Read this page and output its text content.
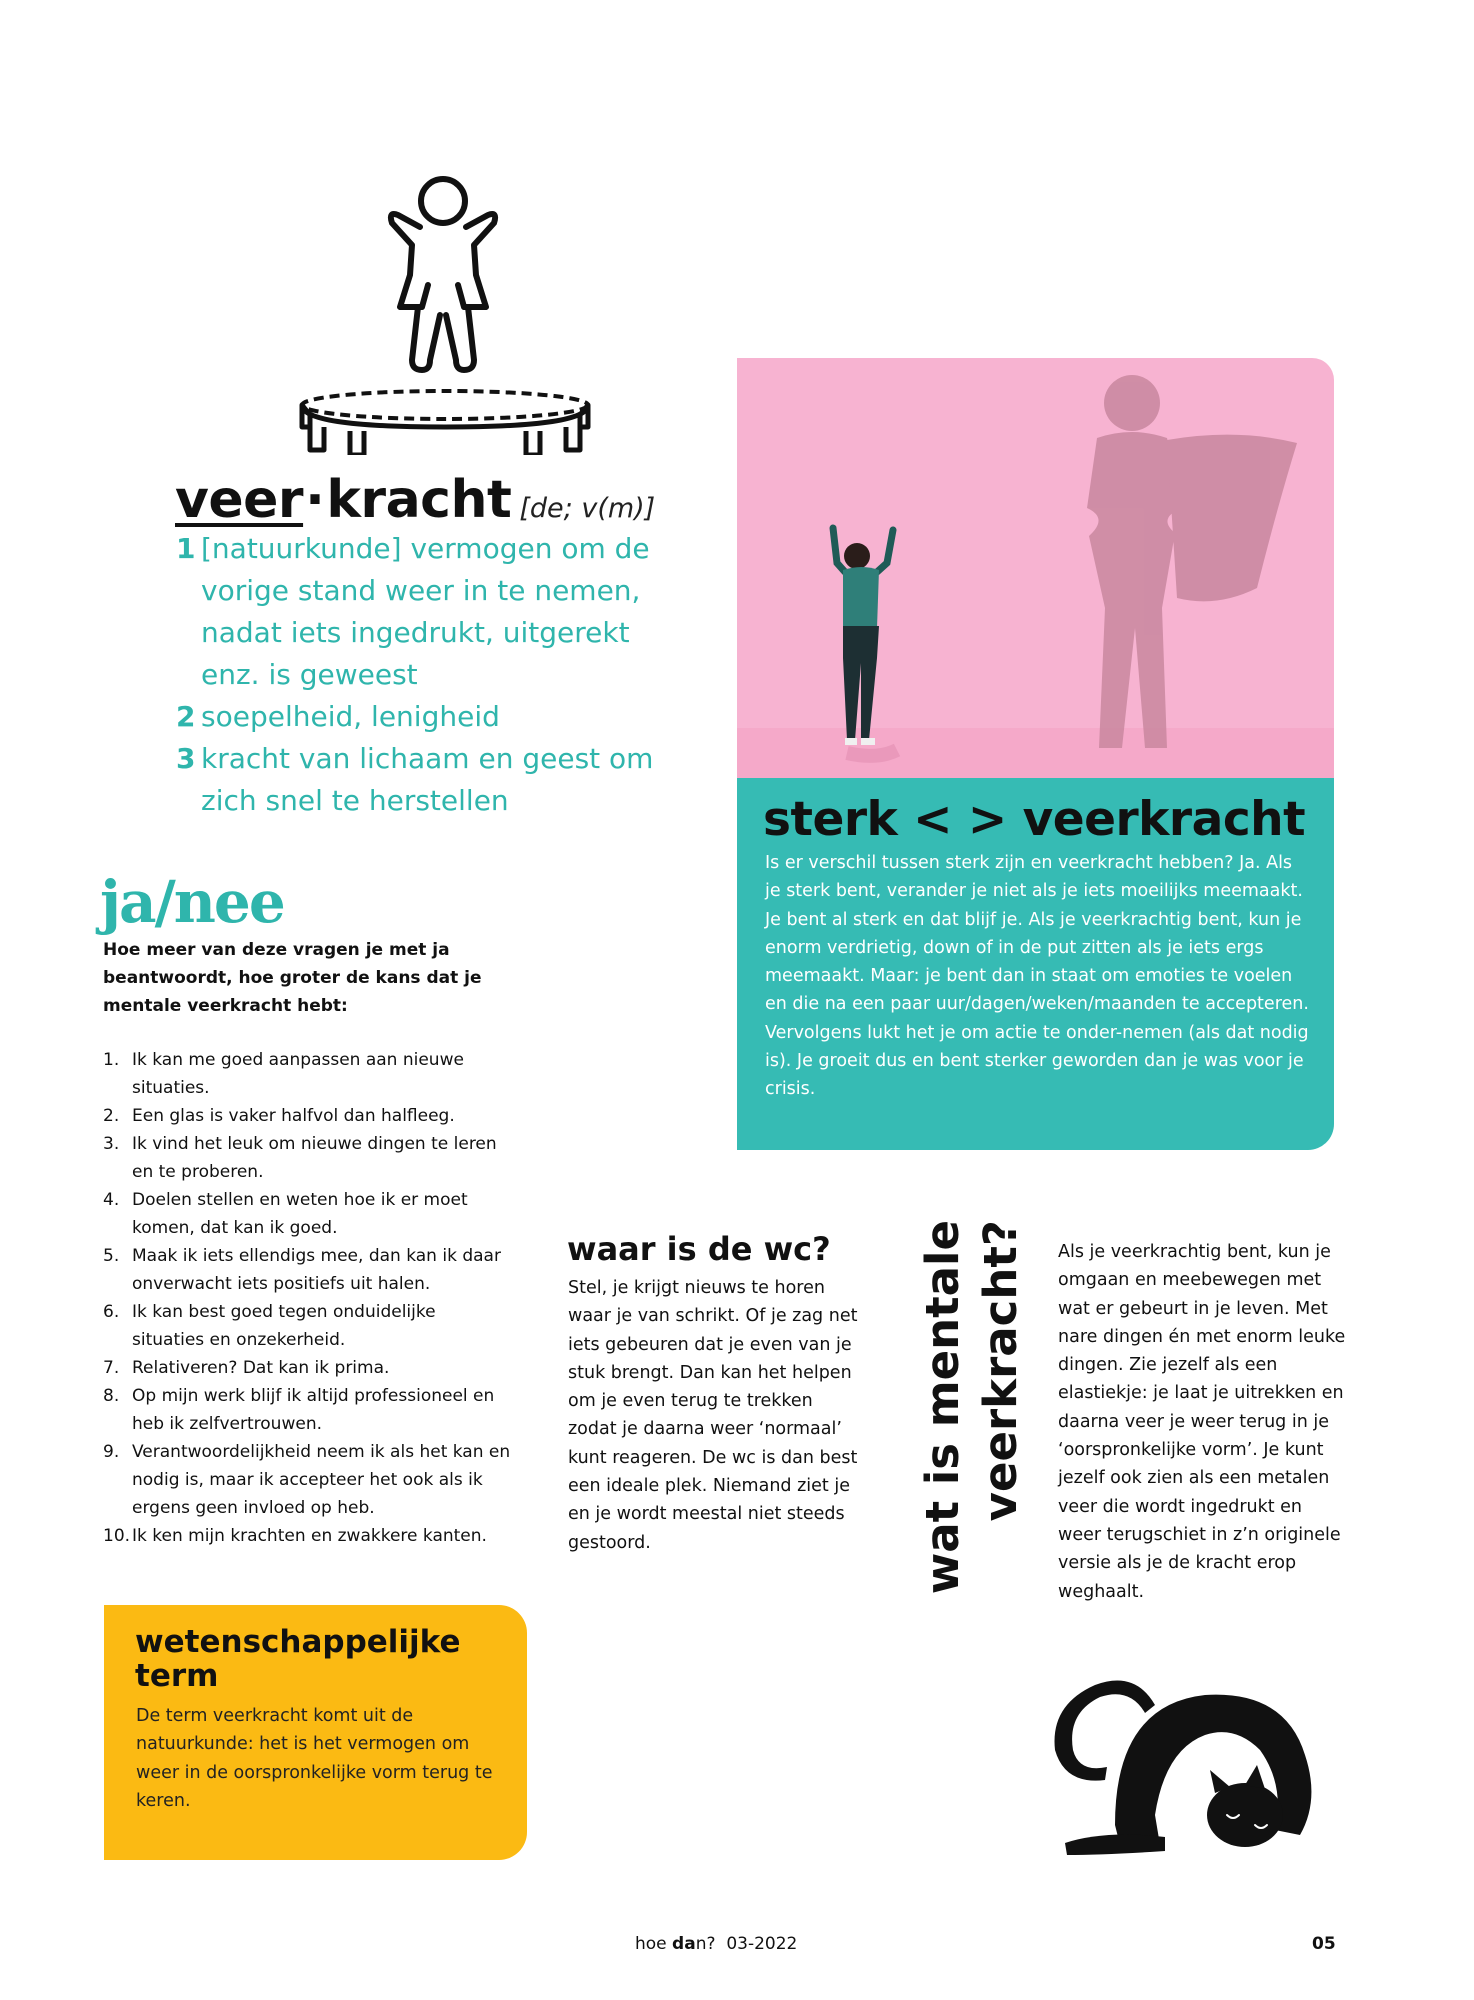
veer·kracht [de; v(m)]
1 [natuurkunde] vermogen om de vorige stand weer in te nemen, nadat iets ingedrukt, uitgerekt enz. is geweest
2 soepelheid, lenigheid
3 kracht van lichaam en geest om zich snel te herstellen
ja/nee
Hoe meer van deze vragen je met ja beantwoordt, hoe groter de kans dat je mentale veerkracht hebt:
1. Ik kan me goed aanpassen aan nieuwe situaties.
2. Een glas is vaker halfvol dan halfleeg.
3. Ik vind het leuk om nieuwe dingen te leren en te proberen.
4. Doelen stellen en weten hoe ik er moet komen, dat kan ik goed.
5. Maak ik iets ellendigs mee, dan kan ik daar onverwacht iets positiefs uit halen.
6. Ik kan best goed tegen onduidelijke situaties en onzekerheid.
7. Relativeren? Dat kan ik prima.
8. Op mijn werk blijf ik altijd professioneel en heb ik zelfvertrouwen.
9. Verantwoordelijkheid neem ik als het kan en nodig is, maar ik accepteer het ook als ik ergens geen invloed op heb.
10. Ik ken mijn krachten en zwakkere kanten.
sterk < > veerkracht
Is er verschil tussen sterk zijn en veerkracht hebben? Ja. Als je sterk bent, verander je niet als je iets moeilijks meemaakt. Je bent al sterk en dat blijf je. Als je veerkrachtig bent, kun je enorm verdrietig, down of in de put zitten als je iets ergs meemaakt. Maar: je bent dan in staat om emoties te voelen en die na een paar uur/dagen/weken/maanden te accepteren. Vervolgens lukt het je om actie te onder-nemen (als dat nodig is). Je groeit dus en bent sterker geworden dan je was voor je crisis.
waar is de wc?
Stel, je krijgt nieuws te horen waar je van schrikt. Of je zag net iets gebeuren dat je even van je stuk brengt. Dan kan het helpen om je even terug te trekken zodat je daarna weer ‘normaal’ kunt reageren. De wc is dan best een ideale plek. Niemand ziet je en je wordt meestal niet steeds gestoord.	wat is mentale veerkracht? Als je veerkrachtig bent, kun je omgaan en meebewegen met wat er gebeurt in je leven. Met nare dingen én met enorm leuke dingen. Zie jezelf als een elastiekje: je laat je uitrekken en daarna veer je weer terug in je ‘oorspronkelijke vorm’. Je kunt jezelf ook zien als een metalen veer die wordt ingedrukt en weer terugschiet in z’n originele versie als je de kracht erop weghaalt.
wetenschappelijke term
De term veerkracht komt uit de natuurkunde: het is het vermogen om weer in de oorspronkelijke vorm terug te keren.
hoe dan? 03-2022	05
